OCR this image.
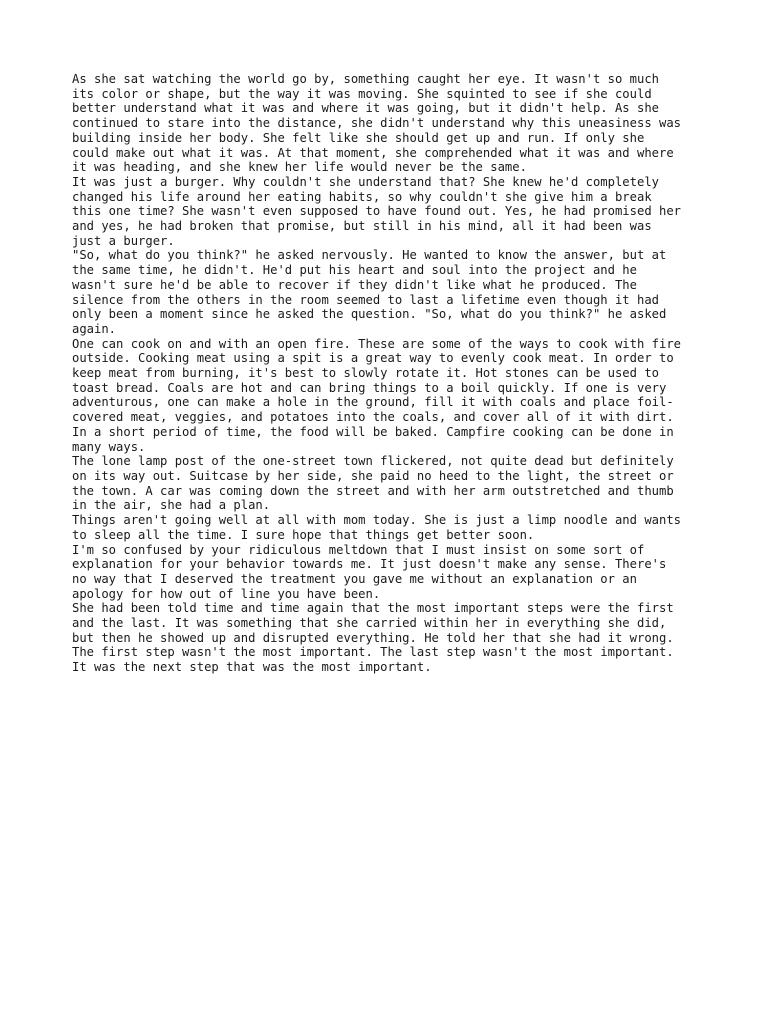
As she sat watching the world go by, something caught her eye. It wasn't so much
its color or shape, but the way it was moving. She squinted to see if she could
better understand what it was and where it was going, but it didn't help. As she
continued to stare into the distance, she didn't understand why this uneasiness was
building inside her body. She felt like she should get up and run. If only she
could make out what it was. At that moment, she comprehended what it was and where
it was heading, and she knew her life would never be the same.

It was just a burger. Why couldn't she understand that? She knew he'd completely
changed his life around her eating habits, so why couldn't she give him a break
this one time? She wasn't even supposed to have found out. Yes, he had promised her
and yes, he had broken that promise, but still in his mind, all it had been was
just a burger.

"So, what do you think?" he asked nervously. He wanted to know the answer, but at
the same time, he didn't. He'd put his heart and soul into the project and he
wasn't sure he'd be able to recover if they didn't like what he produced. The
silence from the others in the room seemed to last a lifetime even though it had
only been a moment since he asked the question. "So, what do you think?" he asked
again.

One can cook on and with an open fire. These are some of the ways to cook with fire
outside. Cooking meat using a spit is a great way to evenly cook meat. In order to
keep meat from burning, it's best to slowly rotate it. Hot stones can be used to
toast bread. Coals are hot and can bring things to a boil quickly. If one is very
adventurous, one can make a hole in the ground, fill it with coals and place foil-
covered meat, veggies, and potatoes into the coals, and cover all of it with dirt.
In a short period of time, the food will be baked. Campfire cooking can be done in
many ways.

The lone lamp post of the one-street town flickered, not quite dead but definitely
on its way out. Suitcase by her side, she paid no heed to the light, the street or
the town. A car was coming down the street and with her arm outstretched and thumb
in the air, she had a plan.

Things aren't going well at all with mom today. She is just a limp noodle and wants
to sleep all the time. I sure hope that things get better soon.

I'm so confused by your ridiculous meltdown that I must insist on some sort of
explanation for your behavior towards me. It just doesn't make any sense. There's
no way that I deserved the treatment you gave me without an explanation or an
apology for how out of line you have been.

She had been told time and time again that the most important steps were the first
and the last. It was something that she carried within her in everything she did,
but then he showed up and disrupted everything. He told her that she had it wrong.
The first step wasn't the most important. The last step wasn't the most important.
It was the next step that was the most important.
